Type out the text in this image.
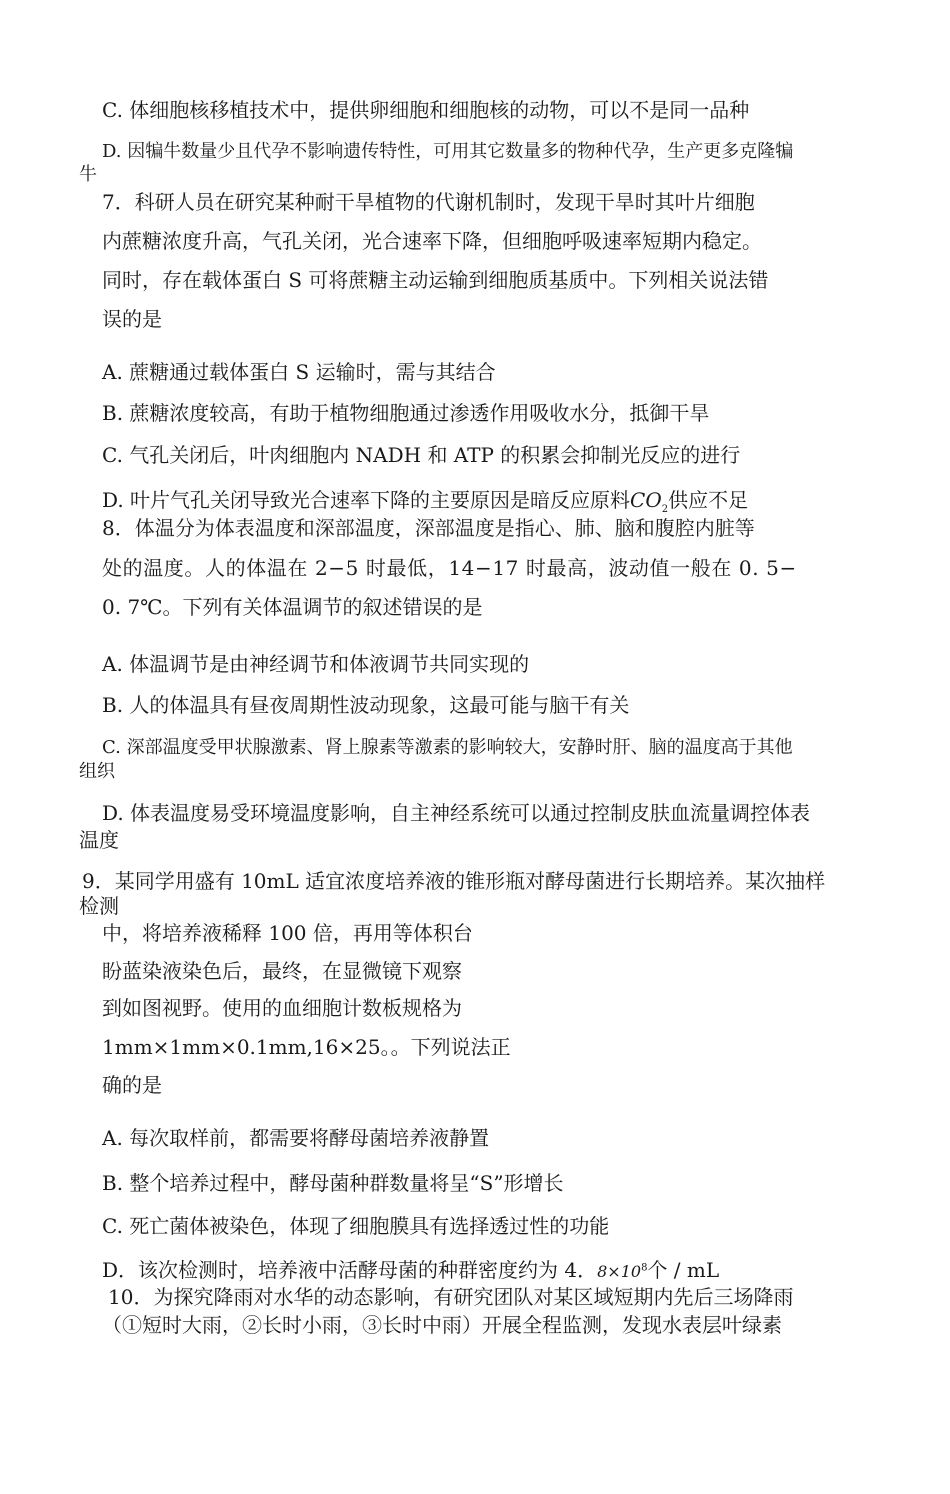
C. 体细胞核移植技术中，提供卵细胞和细胞核的动物，可以不是同一品种
D. 因犏牛数量少且代孕不影响遗传特性，可用其它数量多的物种代孕，生产更多克隆犏
牛
7．科研人员在研究某种耐干旱植物的代谢机制时，发现干旱时其叶片细胞
内蔗糖浓度升高，气孔关闭，光合速率下降，但细胞呼吸速率短期内稳定。
同时，存在载体蛋白 S 可将蔗糖主动运输到细胞质基质中。下列相关说法错
误的是
A. 蔗糖通过载体蛋白 S 运输时，需与其结合
B. 蔗糖浓度较高，有助于植物细胞通过渗透作用吸收水分，抵御干旱
C. 气孔关闭后，叶肉细胞内 NADH 和 ATP 的积累会抑制光反应的进行
D. 叶片气孔关闭导致光合速率下降的主要原因是暗反应原料$CO_2$供应不足
8．体温分为体表温度和深部温度，深部温度是指心、肺、脑和腹腔内脏等
处的温度。人的体温在 2−5 时最低，14−17 时最高，波动值一般在 0. 5−
0. 7℃。下列有关体温调节的叙述错误的是
A. 体温调节是由神经调节和体液调节共同实现的
B. 人的体温具有昼夜周期性波动现象，这最可能与脑干有关
C. 深部温度受甲状腺激素、肾上腺素等激素的影响较大，安静时肝、脑的温度高于其他
组织
D. 体表温度易受环境温度影响，自主神经系统可以通过控制皮肤血流量调控体表
温度
9．某同学用盛有 10mL 适宜浓度培养液的锥形瓶对酵母菌进行长期培养。某次抽样
检测
中，将培养液稀释 100 倍，再用等体积台
盼蓝染液染色后，最终，在显微镜下观察
到如图视野。使用的血细胞计数板规格为
1mm×1mm×0.1mm,16×25。。下列说法正
确的是
A. 每次取样前，都需要将酵母菌培养液静置
B. 整个培养过程中，酵母菌种群数量将呈“S”形增长
C. 死亡菌体被染色，体现了细胞膜具有选择透过性的功能
D．该次检测时，培养液中活酵母菌的种群密度约为 4．$8\times 10^8$个 / mL
10．为探究降雨对水华的动态影响，有研究团队对某区域短期内先后三场降雨
（①短时大雨，②长时小雨，③长时中雨）开展全程监测，发现水表层叶绿素
